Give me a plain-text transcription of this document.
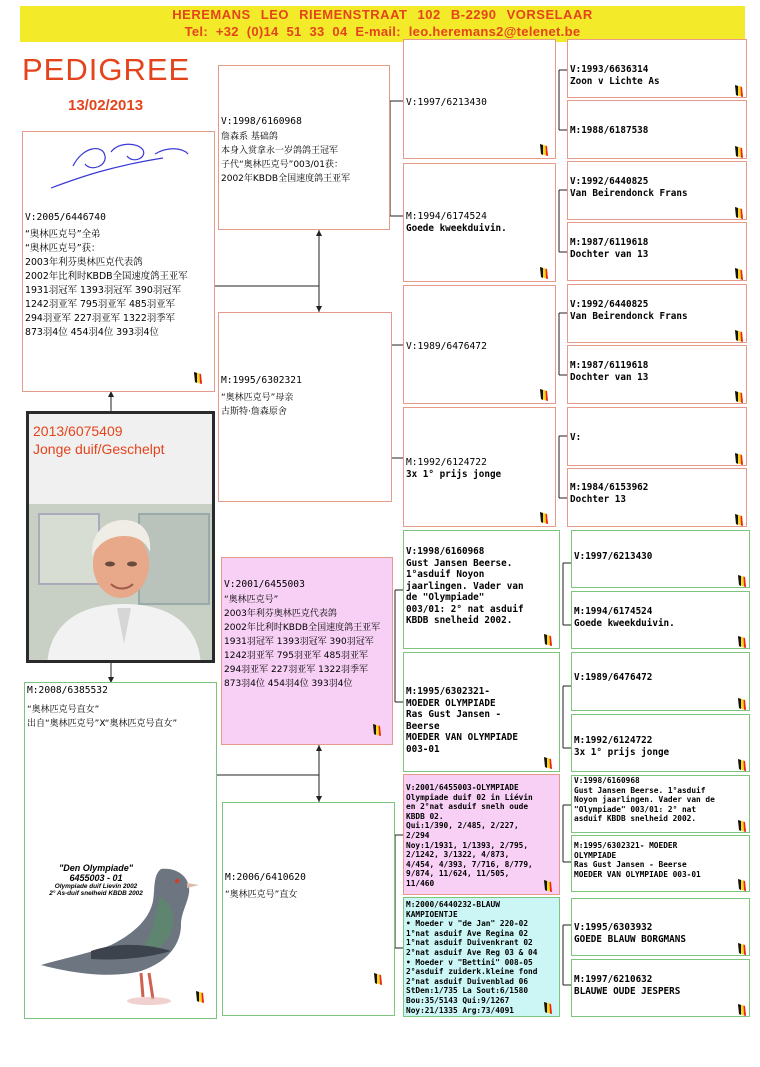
HEREMANS LEO RIEMENSTRAAT 102 B-2290 VORSELAAR
Tel: +32 (0)14 51 33 04 E-mail: leo.heremans2@telenet.be
PEDIGREE
13/02/2013
V:2005/6446740
“奥林匹克号”全弟
“奥林匹克号”获：
2003年利芬奥林匹克代表鸽
2002年比利时KBDB全国速度鸽王亚军
1931羽冠军 1393羽冠军 390羽冠军
1242羽亚军 795羽亚军 485羽亚军
294羽亚军 227羽亚军 1322羽季军
873羽4位 454羽4位 393羽4位
2013/6075409
Jonge duif/Geschelpt
M:2008/6385532
“奥林匹克号直女”
出自“奥林匹克号”X“奥林匹克号直女”
"Den Olympiade"
6455003 - 01
Olympiade duif Lievin 2002
2° As-duif snelheid KBDB 2002
V:1998/6160968
詹森系 基础鸽
本身入赏拿永一岁鸽鸽王冠军
子代“奥林匹克号”003/01获：
2002年KBDB全国速度鸽王亚军
M:1995/6302321
“奥林匹克号”母亲
古斯特·詹森原舍
V:2001/6455003
“奥林匹克号”
2003年利芬奥林匹克代表鸽
2002年比利时KBDB全国速度鸽王亚军
1931羽冠军 1393羽冠军 390羽冠军
1242羽亚军 795羽亚军 485羽亚军
294羽亚军 227羽亚军 1322羽季军
873羽4位 454羽4位 393羽4位
M:2006/6410620
“奥林匹克号”直女
V:1997/6213430
M:1994/6174524
Goede kweekduivin.
V:1989/6476472
M:1992/6124722
3x 1° prijs jonge
V:1998/6160968
Gust Jansen Beerse.
1°asduif Noyon
jaarlingen. Vader van
de "Olympiade"
003/01: 2° nat asduif
KBDB snelheid 2002.
M:1995/6302321-
MOEDER OLYMPIADE
Ras Gust Jansen -
Beerse
MOEDER VAN OLYMPIADE
003-01
V:2001/6455003-OLYMPIADE
Olympiade duif 02 in Liévin
en 2°nat asduif snelh oude
KBDB 02.
Qui:1/390, 2/485, 2/227,
2/294
Noy:1/1931, 1/1393, 2/795,
2/1242, 3/1322, 4/873,
4/454, 4/393, 7/716, 8/779,
9/874, 11/624, 11/505,
11/460
M:2000/6440232-BLAUW
KAMPIOENTJE
• Moeder v "de Jan" 220-02
1°nat asduif Ave Regina 02
1°nat asduif Duivenkrant 02
2°nat asduif Ave Reg 03 & 04
• Moeder v "Bettini" 008-05
2°asduif zuiderk.kleine fond
2°nat asduif Duivenblad 06
StDen:1/735 La Sout:6/1580
Bou:35/5143 Qui:9/1267
Noy:21/1335 Arg:73/4091
V:1993/6636314
Zoon v Lichte As
M:1988/6187538
V:1992/6440825
Van Beirendonck Frans
M:1987/6119618
Dochter van 13
V:1992/6440825
Van Beirendonck Frans
M:1987/6119618
Dochter van 13
V:
M:1984/6153962
Dochter 13
V:1997/6213430
M:1994/6174524
Goede kweekduivin.
V:1989/6476472
M:1992/6124722
3x 1° prijs jonge
V:1998/6160968
Gust Jansen Beerse. 1°asduif
Noyon jaarlingen. Vader van de
"Olympiade" 003/01: 2° nat
asduif KBDB snelheid 2002.
M:1995/6302321- MOEDER
OLYMPIADE
Ras Gust Jansen - Beerse
MOEDER VAN OLYMPIADE 003-01
V:1995/6303932
GOEDE BLAUW BORGMANS
M:1997/6210632
BLAUWE OUDE JESPERS
